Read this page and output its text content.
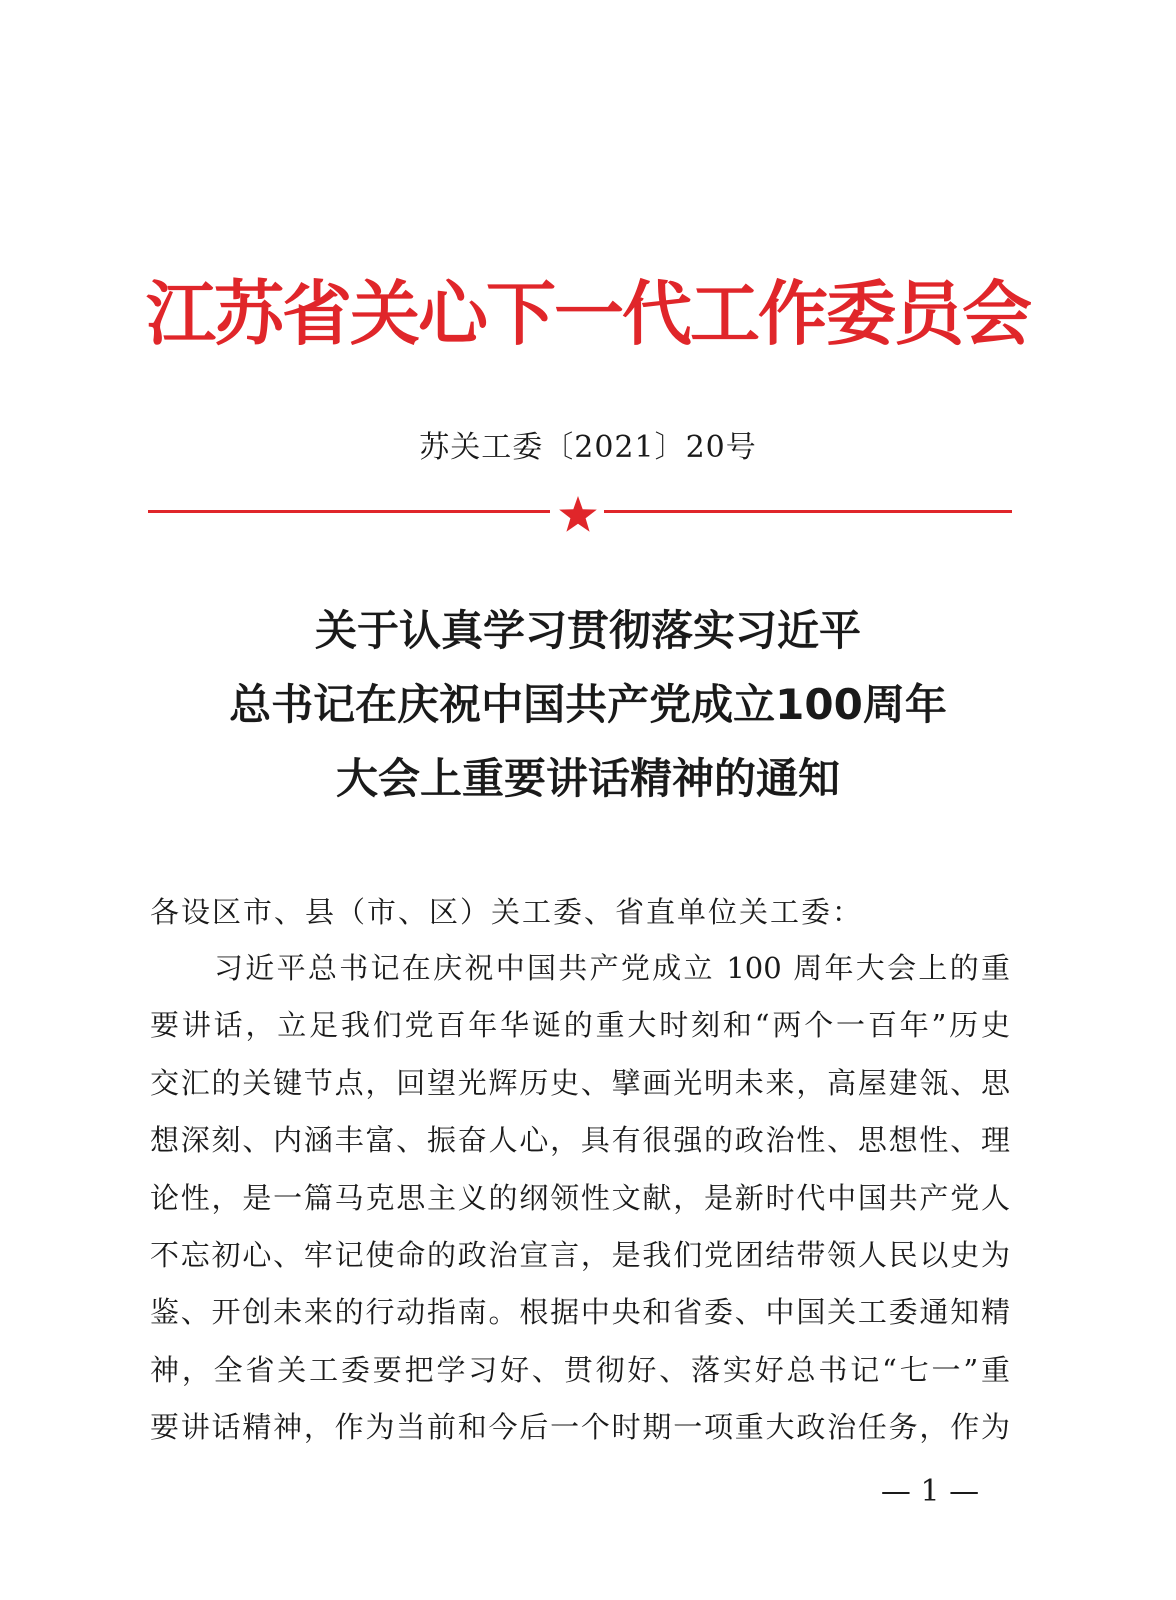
江苏省关心下一代工作委员会
苏关工委〔2021〕20号
关于认真学习贯彻落实习近平
总书记在庆祝中国共产党成立100周年
大会上重要讲话精神的通知
各设区市、县（市、区）关工委、省直单位关工委：
习近平总书记在庆祝中国共产党成立 100 周年大会上的重
要讲话，立足我们党百年华诞的重大时刻和“两个一百年”历史
交汇的关键节点，回望光辉历史、擘画光明未来，高屋建瓴、思
想深刻、内涵丰富、振奋人心，具有很强的政治性、思想性、理
论性，是一篇马克思主义的纲领性文献，是新时代中国共产党人
不忘初心、牢记使命的政治宣言，是我们党团结带领人民以史为
鉴、开创未来的行动指南。根据中央和省委、中国关工委通知精
神，全省关工委要把学习好、贯彻好、落实好总书记“七一”重
要讲话精神，作为当前和今后一个时期一项重大政治任务，作为
— 1 —
